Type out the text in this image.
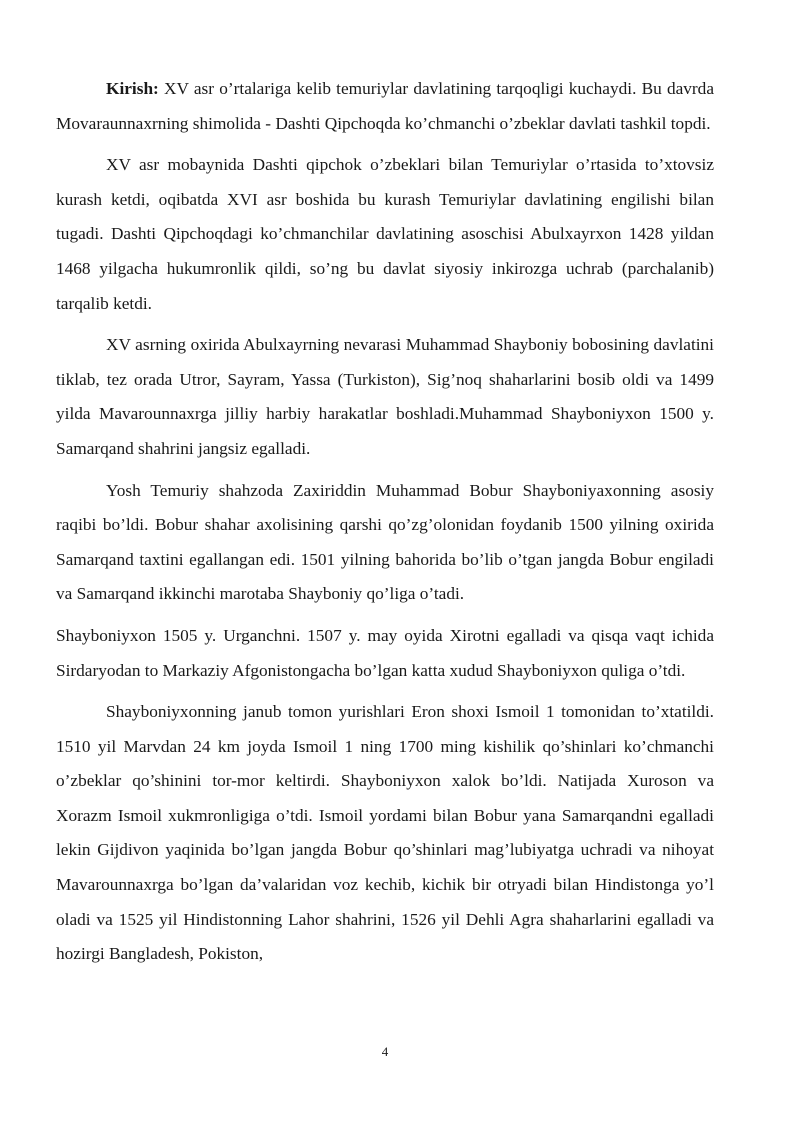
Kirish: XV asr o’rtalariga kelib temuriylar davlatining tarqoqligi kuchaydi. Bu davrda Movaraunnaxrning shimolida - Dashti Qipchoqda ko’chmanchi o’zbeklar davlati tashkil topdi.

XV asr mobaynida Dashti qipchok o’zbeklari bilan Temuriylar o’rtasida to’xtovsiz kurash ketdi, oqibatda XVI asr boshida bu kurash Temuriylar davlatining engilishi bilan tugadi. Dashti Qipchoqdagi ko’chmanchilar davlatining asoschisi Abulxayrxon 1428 yildan 1468 yilgacha hukumronlik qildi, so’ng bu davlat siyosiy inkirozga uchrab (parchalanib) tarqalib ketdi.

XV asrning oxirida Abulxayrning nevarasi Muhammad Shayboniy bobosining davlatini tiklab, tez orada Utror, Sayram, Yassa (Turkiston), Sig’noq shaharlarini bosib oldi va 1499 yilda Mavarounnaxrga jilliy harbiy harakatlar boshladi.Muhammad Shayboniyxon 1500 y. Samarqand shahrini jangsiz egalladi.

Yosh Temuriy shahzoda Zaxiriddin Muhammad Bobur Shayboniyaxonning asosiy raqibi bo’ldi. Bobur shahar axolisining qarshi qo’zg’olonidan foydanib 1500 yilning oxirida Samarqand taxtini egallangan edi. 1501 yilning bahorida bo’lib o’tgan jangda Bobur engiladi va Samarqand ikkinchi marotaba Shayboniy qo’liga o’tadi.

Shayboniyxon 1505 y. Urganchni. 1507 y. may oyida Xirotni egalladi va qisqa vaqt ichida Sirdaryodan to Markaziy Afgonistongacha bo’lgan katta xudud Shayboniyxon quliga o’tdi.

Shayboniyxonning janub tomon yurishlari Eron shoxi Ismoil 1 tomonidan to’xtatildi. 1510 yil Marvdan 24 km joyda Ismoil 1 ning 1700 ming kishilik qo’shinlari ko’chmanchi o’zbeklar qo’shinini tor-mor keltirdi. Shayboniyxon xalok bo’ldi. Natijada Xuroson va Xorazm Ismoil xukmronligiga o’tdi. Ismoil yordami bilan Bobur yana Samarqandni egalladi lekin Gijdivon yaqinida bo’lgan jangda Bobur qo’shinlari mag’lubiyatga uchradi va nihoyat Mavarounnaxrga bo’lgan da’valaridan voz kechib, kichik bir otryadi bilan Hindistonga yo’l oladi va 1525 yil Hindistonning Lahor shahrini, 1526 yil Dehli Agra shaharlarini egalladi va hozirgi Bangladesh, Pokiston,

4
